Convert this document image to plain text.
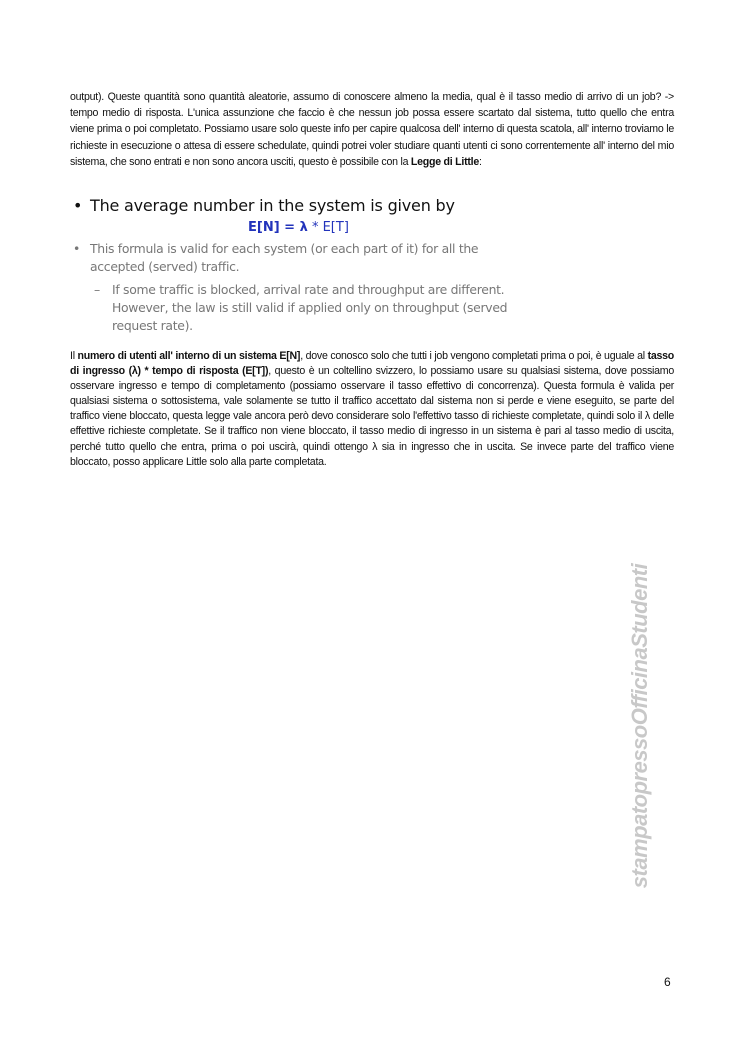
output). Queste quantità sono quantità aleatorie, assumo di conoscere almeno la media, qual è il tasso medio di arrivo di un job? -> tempo medio di risposta. L'unica assunzione che faccio è che nessun job possa essere scartato dal sistema, tutto quello che entra viene prima o poi completato. Possiamo usare solo queste info per capire qualcosa dell' interno di questa scatola, all' interno troviamo le richieste in esecuzione o attesa di essere schedulate, quindi potrei voler studiare quanti utenti ci sono correntemente all' interno del mio sistema, che sono entrati e non sono ancora usciti, questo è possibile con la Legge di Little:
• The average number in the system is given by
E[N] = λ * E[T]
• This formula is valid for each system (or each part of it) for all the accepted (served) traffic.
– If some traffic is blocked, arrival rate and throughput are different. However, the law is still valid if applied only on throughput (served request rate).
Il numero di utenti all' interno di un sistema E[N], dove conosco solo che tutti i job vengono completati prima o poi, è uguale al tasso di ingresso (λ) * tempo di risposta (E[T]), questo è un coltellino svizzero, lo possiamo usare su qualsiasi sistema, dove possiamo osservare ingresso e tempo di completamento (possiamo osservare il tasso effettivo di concorrenza). Questa formula è valida per qualsiasi sistema o sottosistema, vale solamente se tutto il traffico accettato dal sistema non si perde e viene eseguito, se parte del traffico viene bloccato, questa legge vale ancora però devo considerare solo l'effettivo tasso di richieste completate, quindi solo il λ delle effettive richieste completate. Se il traffico non viene bloccato, il tasso medio di ingresso in un sistema è pari al tasso medio di uscita, perché tutto quello che entra, prima o poi uscirà, quindi ottengo λ sia in ingresso che in uscita. Se invece parte del traffico viene bloccato, posso applicare Little solo alla parte completata.
stampatopressoOfficinaStudenti
6
